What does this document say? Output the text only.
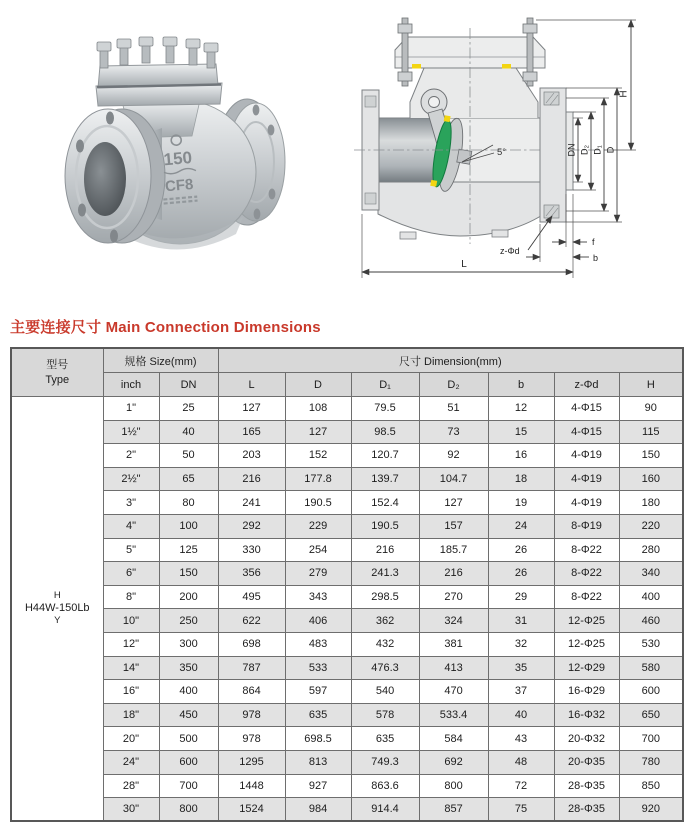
150
CF8
5°	DN D₂ D₁ D
H
L
z-Φd
f
b
主要连接尺寸 Main Connection Dimensions
型号
Type	规格 Size(mm)		尺寸 Dimension(mm)						
	inch	DN	L	D	D₁	D₂	b	z-Φd	H

H
H44W-150Lb
Y	1"	25	127	108	79.5	51	12	4-Φ15	90
	1½"	40	165	127	98.5	73	15	4-Φ15	115
	2"	50	203	152	120.7	92	16	4-Φ19	150
	2½"	65	216	177.8	139.7	104.7	18	4-Φ19	160
	3"	80	241	190.5	152.4	127	19	4-Φ19	180
	4"	100	292	229	190.5	157	24	8-Φ19	220
	5"	125	330	254	216	185.7	26	8-Φ22	280
	6"	150	356	279	241.3	216	26	8-Φ22	340
	8"	200	495	343	298.5	270	29	8-Φ22	400
	10"	250	622	406	362	324	31	12-Φ25	460
	12"	300	698	483	432	381	32	12-Φ25	530
	14"	350	787	533	476.3	413	35	12-Φ29	580
	16"	400	864	597	540	470	37	16-Φ29	600
	18"	450	978	635	578	533.4	40	16-Φ32	650
	20"	500	978	698.5	635	584	43	20-Φ32	700
	24"	600	1295	813	749.3	692	48	20-Φ35	780
	28"	700	1448	927	863.6	800	72	28-Φ35	850
	30"	800	1524	984	914.4	857	75	28-Φ35	920
